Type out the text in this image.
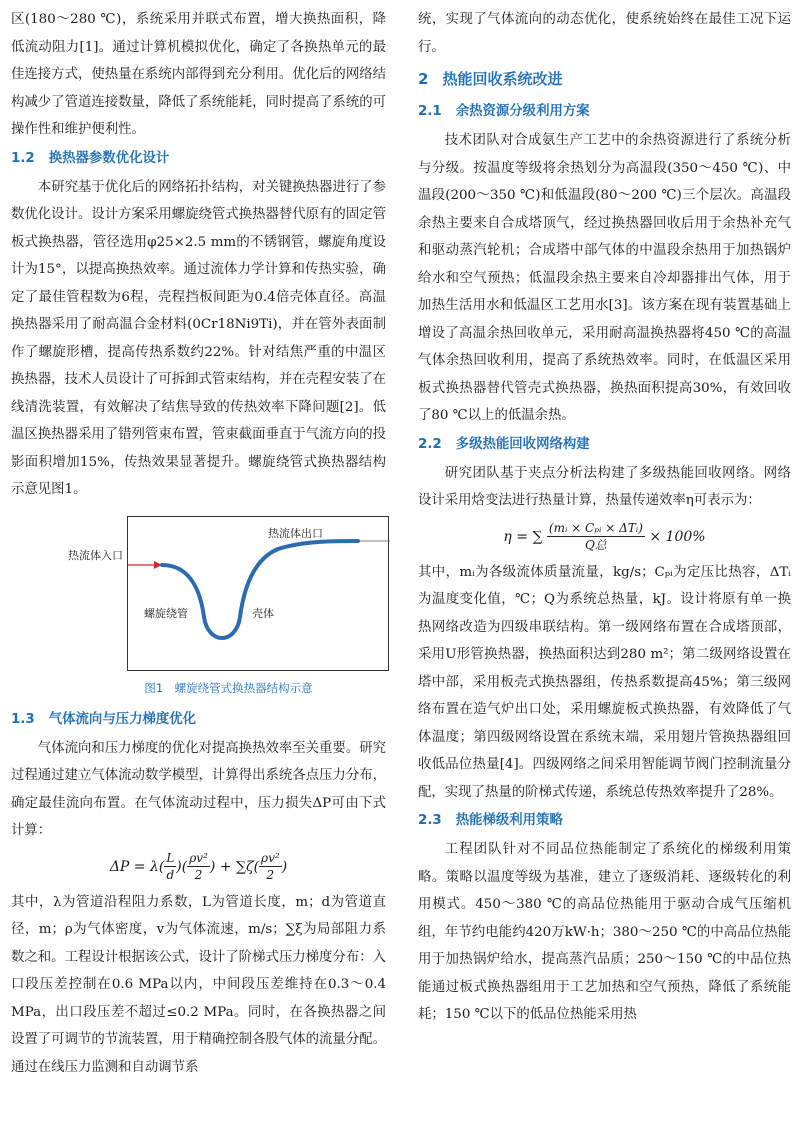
区(180～280 ℃)，系统采用并联式布置，增大换热面积，降低流动阻力[1]。通过计算机模拟优化，确定了各换热单元的最佳连接方式，使热量在系统内部得到充分利用。优化后的网络结构减少了管道连接数量，降低了系统能耗，同时提高了系统的可操作性和维护便利性。

1.2 换热器参数优化设计

本研究基于优化后的网络拓扑结构，对关键换热器进行了参数优化设计。设计方案采用螺旋绕管式换热器替代原有的固定管板式换热器，管径选用φ25×2.5 mm的不锈钢管，螺旋角度设计为15°，以提高换热效率。通过流体力学计算和传热实验，确定了最佳管程数为6程，壳程挡板间距为0.4倍壳体直径。高温换热器采用了耐高温合金材料(0Cr18Ni9Ti)，并在管外表面制作了螺旋形槽，提高传热系数约22%。针对结焦严重的中温区换热器，技术人员设计了可拆卸式管束结构，并在壳程安装了在线清洗装置，有效解决了结焦导致的传热效率下降问题[2]。低温区换热器采用了错列管束布置，管束截面垂直于气流方向的投影面积增加15%，传热效果显著提升。螺旋绕管式换热器结构示意见图1。

热流体入口
热流体出口
螺旋绕管	壳体
图1　螺旋绕管式换热器结构示意
1.3 气体流向与压力梯度优化

气体流向和压力梯度的优化对提高换热效率至关重要。研究过程通过建立气体流动数学模型，计算得出系统各点压力分布，确定最佳流向布置。在气体流动过程中，压力损失ΔP可由下式计算：

$\Delta P = \lambda( \frac{L}{d}$ )( $\frac{\text{ρv²}}{2}$ ) + $\sum\zeta( \frac{\text{ρv²}}{2}$ )

其中，λ为管道沿程阻力系数，L为管道长度，m；d为管道直径，m；ρ为气体密度，v为气体流速，m/s；∑ξ为局部阻力系数之和。工程设计根据该公式，设计了阶梯式压力梯度分布：入口段压差控制在0.6 MPa以内，中间段压差维持在0.3～0.4 MPa，出口段压差不超过≤0.2 MPa。同时，在各换热器之间设置了可调节的节流装置，用于精确控制各股气体的流量分配。通过在线压力监测和自动调节系

统，实现了气体流向的动态优化，使系统始终在最佳工况下运行。

2 热能回收系统改进
2.1 余热资源分级利用方案

技术团队对合成氨生产工艺中的余热资源进行了系统分析与分级。按温度等级将余热划分为高温段(350～450 ℃)、中温段(200～350 ℃)和低温段(80～200 ℃)三个层次。高温段余热主要来自合成塔顶气，经过换热器回收后用于余热补充气和驱动蒸汽轮机；合成塔中部气体的中温段余热用于加热锅炉给水和空气预热；低温段余热主要来自冷却器排出气体，用于加热生活用水和低温区工艺用水[3]。该方案在现有装置基础上增设了高温余热回收单元，采用耐高温换热器将450 ℃的高温气体余热回收利用，提高了系统热效率。同时，在低温区采用板式换热器替代管壳式换热器，换热面积提高30%，有效回收了80 ℃以上的低温余热。

2.2 多级热能回收网络构建

研究团队基于夹点分析法构建了多级热能回收网络。网络设计采用焓变法进行热量计算，热量传递效率η可表示为：

η = ∑ $\frac{\text{(mᵢ × Cₚᵢ × ΔTᵢ)}}{\text{Q总}} \times 100\%$

其中，mᵢ为各级流体质量流量，kg/s；Cₚᵢ为定压比热容，ΔTᵢ为温度变化值，℃；Q为系统总热量，kJ。设计将原有单一换热网络改造为四级串联结构。第一级网络布置在合成塔顶部，采用U形管换热器，换热面积达到280 m²；第二级网络设置在塔中部，采用板壳式换热器组，传热系数提高45%；第三级网络布置在造气炉出口处，采用螺旋板式换热器，有效降低了气体温度；第四级网络设置在系统末端，采用翅片管换热器组回收低品位热量[4]。四级网络之间采用智能调节阀门控制流量分配，实现了热量的阶梯式传递，系统总传热效率提升了28%。

2.3 热能梯级利用策略

工程团队针对不同品位热能制定了系统化的梯级利用策略。策略以温度等级为基准，建立了逐级消耗、逐级转化的利用模式。450～380 ℃的高品位热能用于驱动合成气压缩机组，年节约电能约420万kW·h；380～250 ℃的中高品位热能用于加热锅炉给水，提高蒸汽品质；250～150 ℃的中品位热能通过板式换热器组用于工艺加热和空气预热，降低了系统能耗；150 ℃以下的低品位热能采用热
